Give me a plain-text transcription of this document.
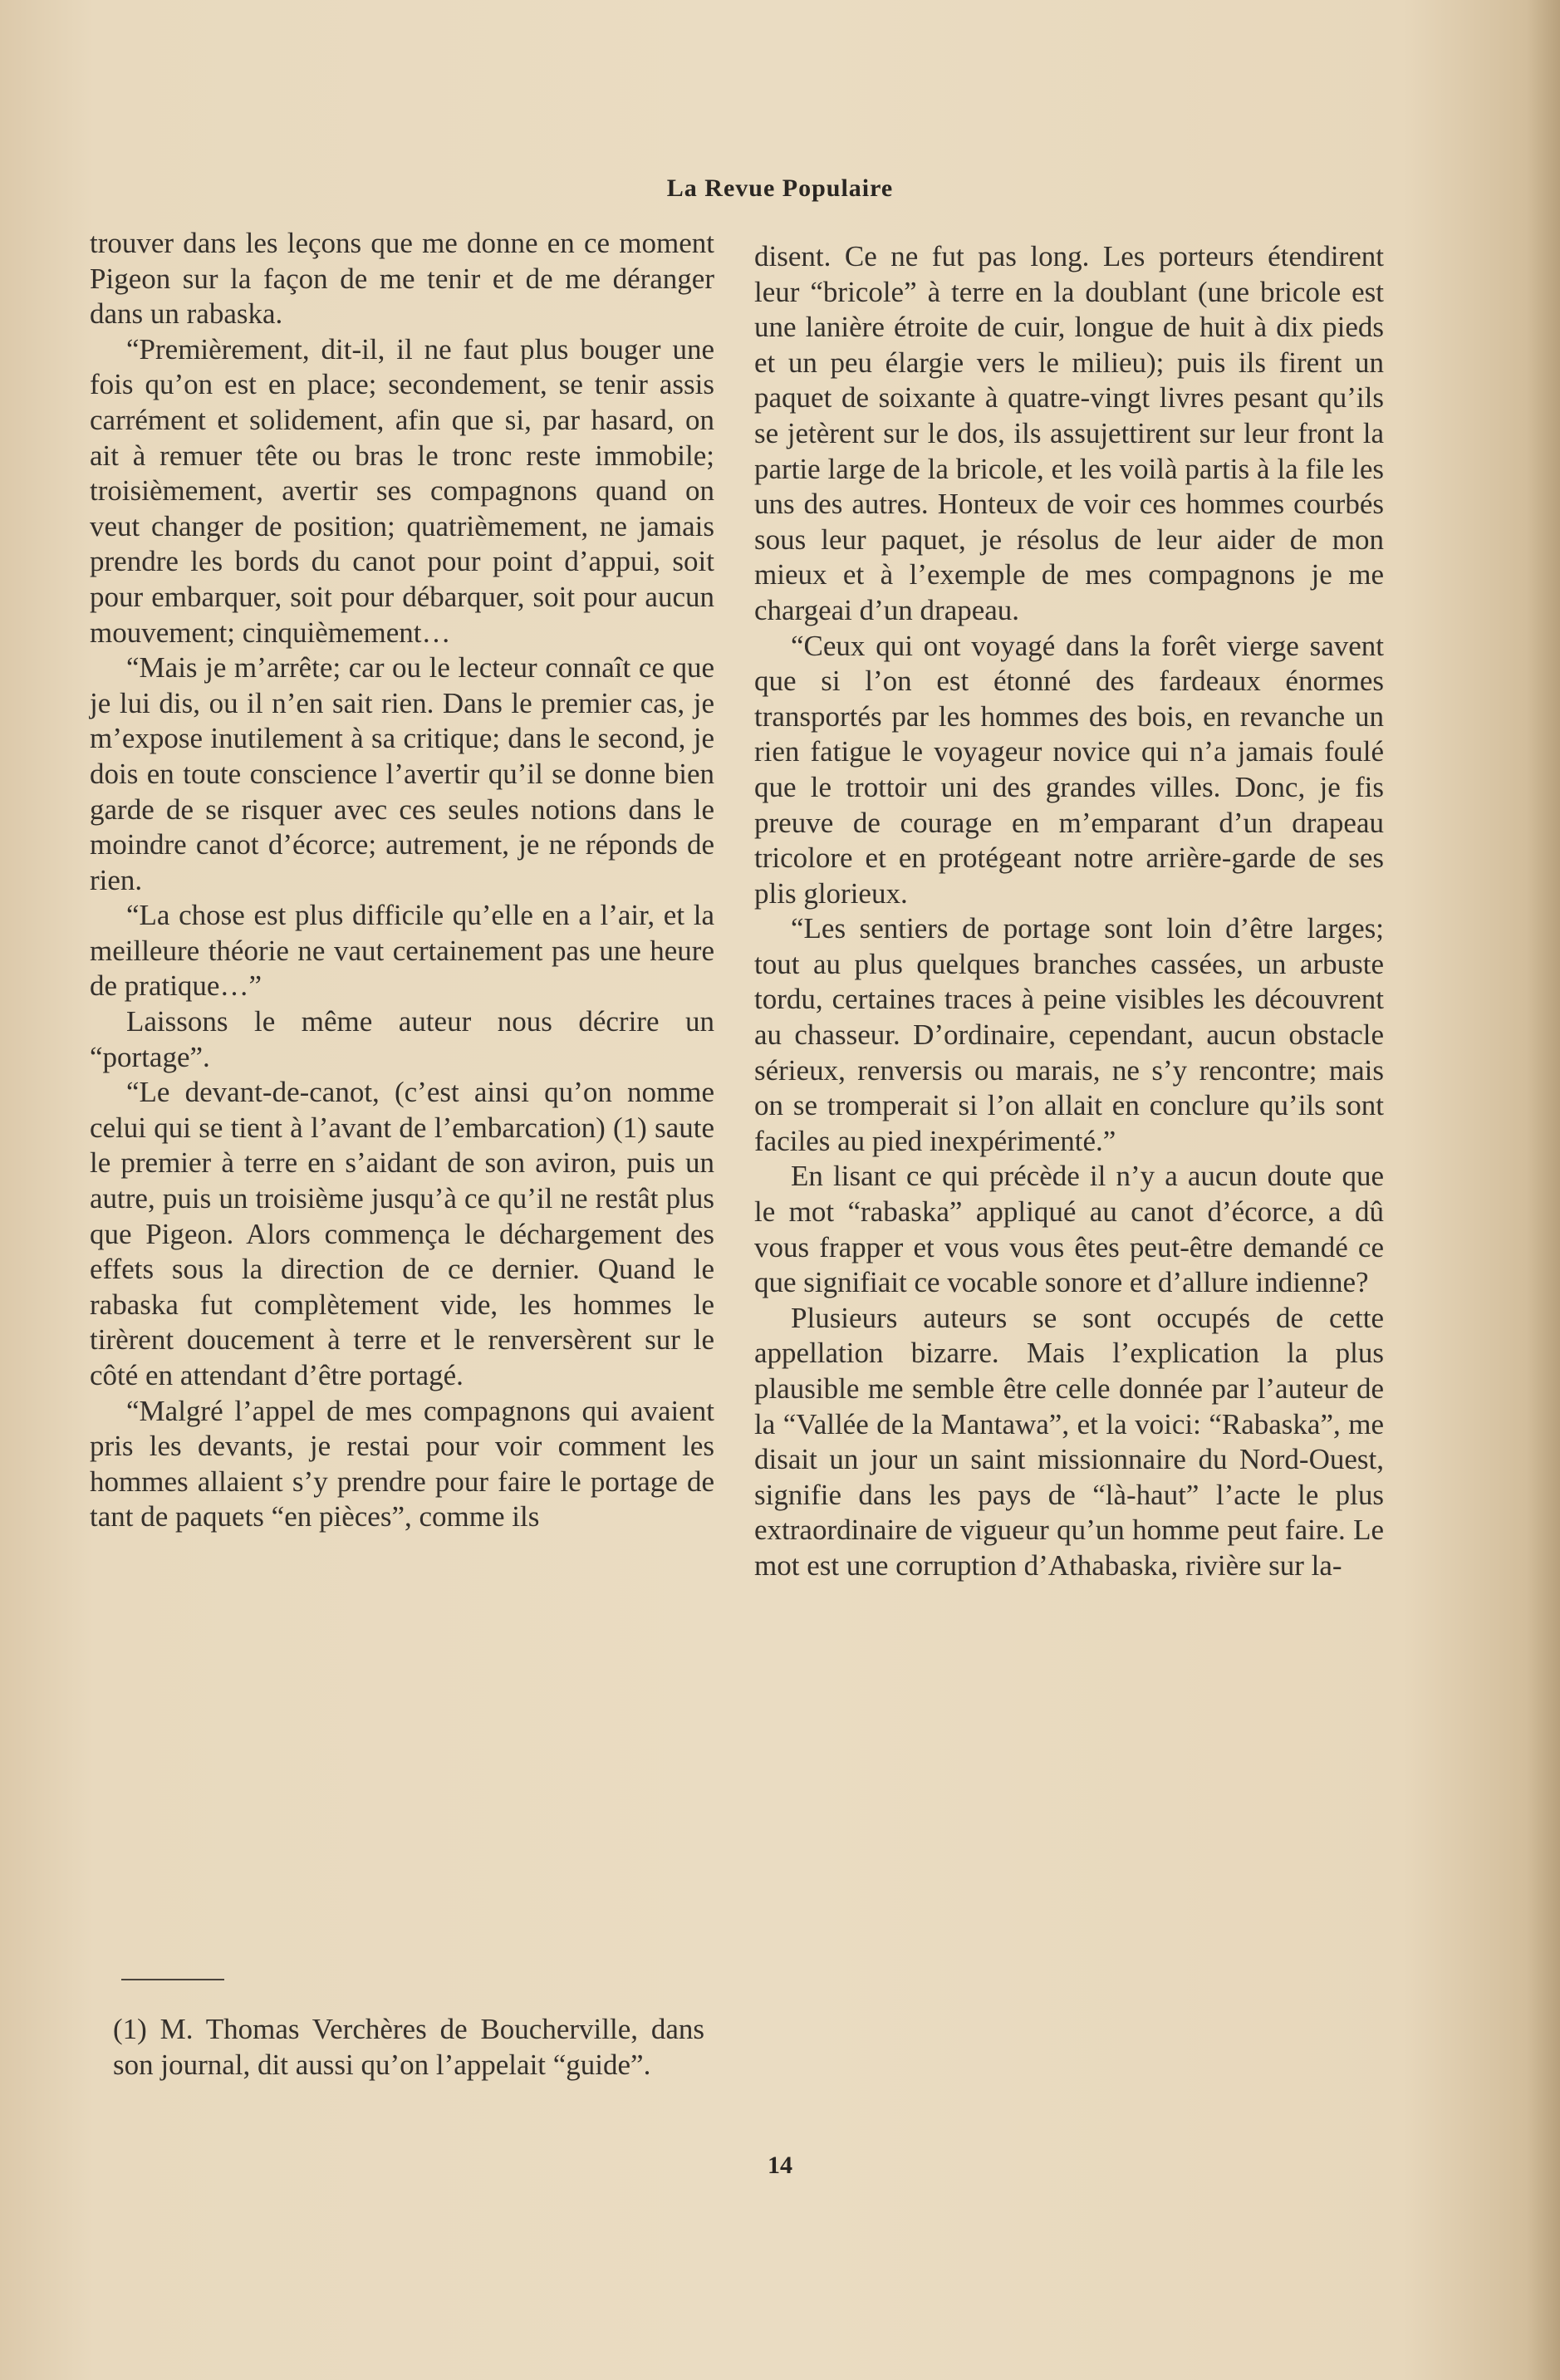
La Revue Populaire

trouver dans les leçons que me donne en ce moment Pigeon sur la façon de me tenir et de me déranger dans un rabaska.

“Premièrement, dit-il, il ne faut plus bouger une fois qu’on est en place; secondement, se tenir assis carrément et solidement, afin que si, par hasard, on ait à remuer tête ou bras le tronc reste immobile; troisièmement, avertir ses compagnons quand on veut changer de position; quatrièmement, ne jamais prendre les bords du canot pour point d’appui, soit pour embarquer, soit pour débarquer, soit pour aucun mouvement; cinquièmement…

“Mais je m’arrête; car ou le lecteur connaît ce que je lui dis, ou il n’en sait rien. Dans le premier cas, je m’expose inutilement à sa critique; dans le second, je dois en toute conscience l’avertir qu’il se donne bien garde de se risquer avec ces seules notions dans le moindre canot d’écorce; autrement, je ne réponds de rien.

“La chose est plus difficile qu’elle en a l’air, et la meilleure théorie ne vaut certainement pas une heure de pratique…”

Laissons le même auteur nous décrire un “portage”.

“Le devant-de-canot, (c’est ainsi qu’on nomme celui qui se tient à l’avant de l’embarcation) (1) saute le premier à terre en s’aidant de son aviron, puis un autre, puis un troisième jusqu’à ce qu’il ne restât plus que Pigeon. Alors commença le déchargement des effets sous la direction de ce dernier. Quand le rabaska fut complètement vide, les hommes le tirèrent doucement à terre et le renversèrent sur le côté en attendant d’être portagé.

“Malgré l’appel de mes compagnons qui avaient pris les devants, je restai pour voir comment les hommes allaient s’y prendre pour faire le portage de tant de paquets “en pièces”, comme ils

(1) M. Thomas Verchères de Boucherville, dans son journal, dit aussi qu’on l’appelait “guide”.

disent. Ce ne fut pas long. Les porteurs étendirent leur “bricole” à terre en la doublant (une bricole est une lanière étroite de cuir, longue de huit à dix pieds et un peu élargie vers le milieu); puis ils firent un paquet de soixante à quatre-vingt livres pesant qu’ils se jetèrent sur le dos, ils assujettirent sur leur front la partie large de la bricole, et les voilà partis à la file les uns des autres. Honteux de voir ces hommes courbés sous leur paquet, je résolus de leur aider de mon mieux et à l’exemple de mes compagnons je me chargeai d’un drapeau.

“Ceux qui ont voyagé dans la forêt vierge savent que si l’on est étonné des fardeaux énormes transportés par les hommes des bois, en revanche un rien fatigue le voyageur novice qui n’a jamais foulé que le trottoir uni des grandes villes. Donc, je fis preuve de courage en m’emparant d’un drapeau tricolore et en protégeant notre arrière-garde de ses plis glorieux.

“Les sentiers de portage sont loin d’être larges; tout au plus quelques branches cassées, un arbuste tordu, certaines traces à peine visibles les découvrent au chasseur. D’ordinaire, cependant, aucun obstacle sérieux, renversis ou marais, ne s’y rencontre; mais on se tromperait si l’on allait en conclure qu’ils sont faciles au pied inexpérimenté.”

En lisant ce qui précède il n’y a aucun doute que le mot “rabaska” appliqué au canot d’écorce, a dû vous frapper et vous vous êtes peut-être demandé ce que signifiait ce vocable sonore et d’allure indienne?

Plusieurs auteurs se sont occupés de cette appellation bizarre. Mais l’explication la plus plausible me semble être celle donnée par l’auteur de la “Vallée de la Mantawa”, et la voici: “Rabaska”, me disait un jour un saint missionnaire du Nord-Ouest, signifie dans les pays de “là-haut” l’acte le plus extraordinaire de vigueur qu’un homme peut faire. Le mot est une corruption d’Athabaska, rivière sur la-

14
